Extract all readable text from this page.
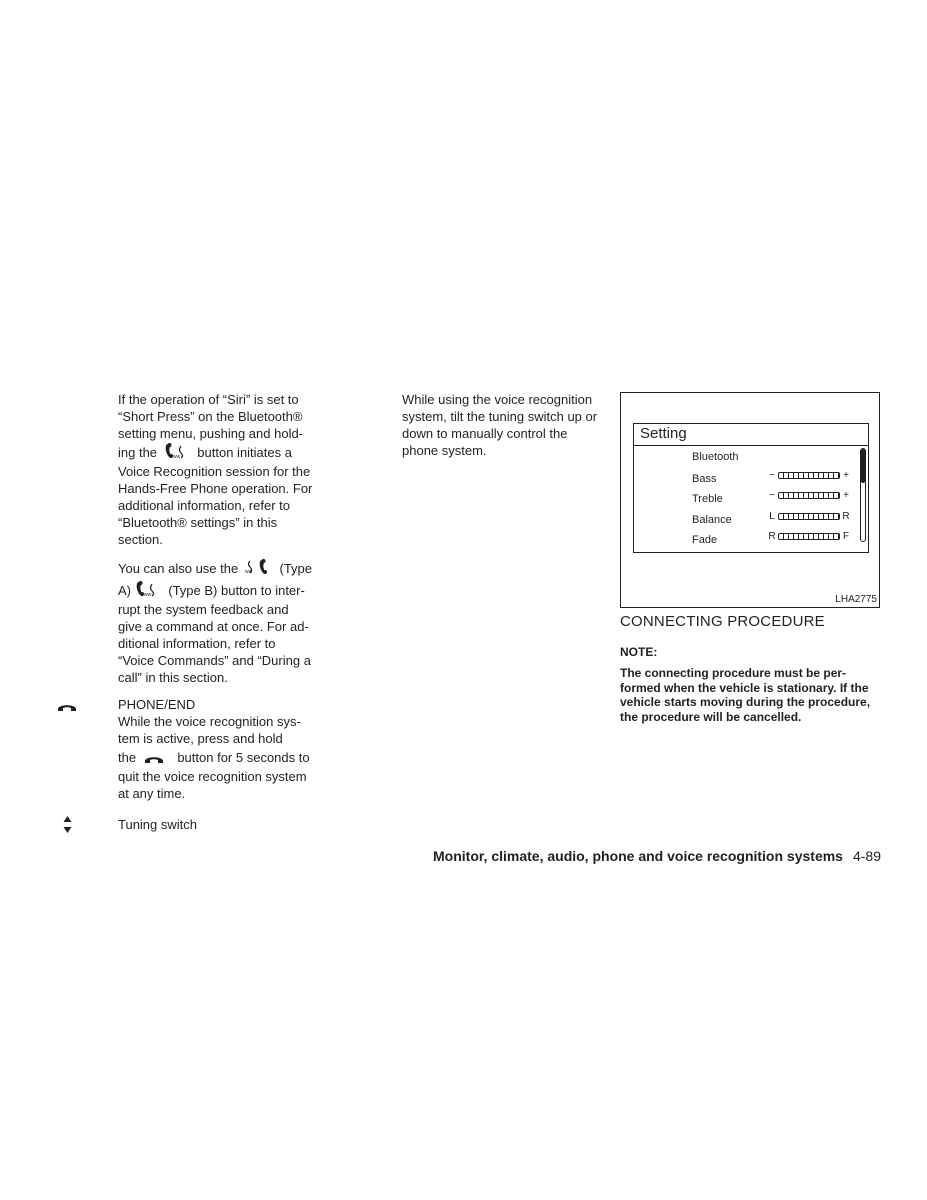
If the operation of “Siri” is set to

“Short Press” on the Bluetooth®

setting menu, pushing and hold-

ing the	ww button initiates a

Voice Recognition session for the

Hands-Free Phone operation. For

additional information, refer to

“Bluetooth® settings” in this

section.

You can also use the ww (Type

A)	ww (Type B) button to inter-

rupt the system feedback and

give a command at once. For ad-

ditional information, refer to

“Voice Commands” and “During a

call” in this section.

PHONE/END

While the voice recognition sys-

tem is active, press and hold

the	button for 5 seconds to

quit the voice recognition system

at any time.

Tuning switch

While using the voice recognition

system, tilt the tuning switch up or

down to manually control the

phone system.

Setting
Bluetooth
Bass	−	+
Treble	−	+
Balance	L	R
Fade	R	F
LHA2775
CONNECTING PROCEDURE
NOTE:

The connecting procedure must be per-

formed when the vehicle is stationary. If the

vehicle starts moving during the procedure,

the procedure will be cancelled.

Monitor, climate, audio, phone and voice recognition systems 4-89
